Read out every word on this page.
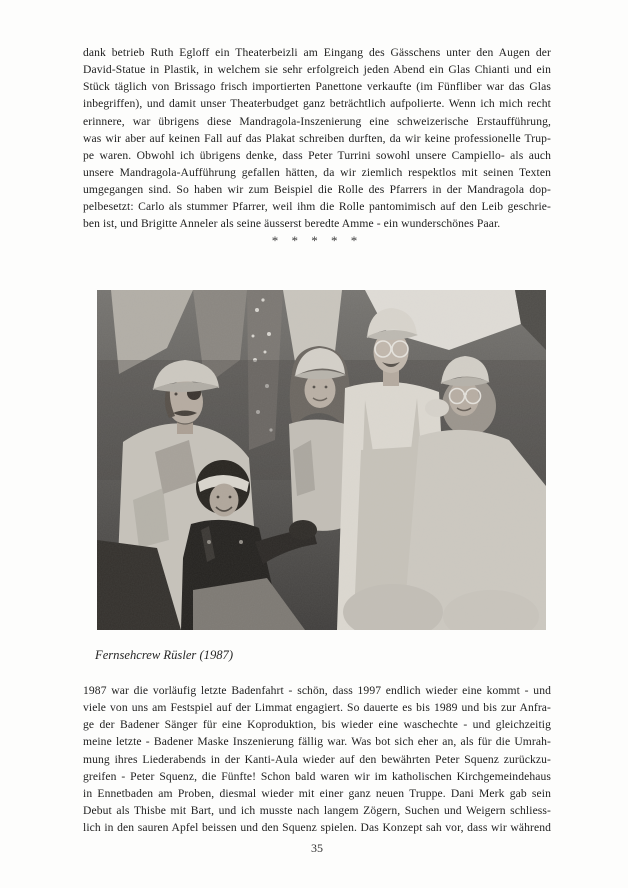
dank betrieb Ruth Egloff ein Theaterbeizli am Eingang des Gässchens unter den Augen der
David-Statue in Plastik, in welchem sie sehr erfolgreich jeden Abend ein Glas Chianti und ein
Stück täglich von Brissago frisch importierten Panettone verkaufte (im Fünfliber war das Glas
inbegriffen), und damit unser Theaterbudget ganz beträchtlich aufpolierte. Wenn ich mich recht
erinnere, war übrigens diese Mandragola-Inszenierung eine schweizerische Erstaufführung,
was wir aber auf keinen Fall auf das Plakat schreiben durften, da wir keine professionelle Trup-
pe waren. Obwohl ich übrigens denke, dass Peter Turrini sowohl unsere Campiello- als auch
unsere Mandragola-Aufführung gefallen hätten, da wir ziemlich respektlos mit seinen Texten
umgegangen sind. So haben wir zum Beispiel die Rolle des Pfarrers in der Mandragola dop-
pelbesetzt: Carlo als stummer Pfarrer, weil ihm die Rolle pantomimisch auf den Leib geschrie-
ben ist, und Brigitte Anneler als seine äusserst beredte Amme - ein wunderschönes Paar.
* * * * *
Fernsehcrew Rüsler (1987)
1987 war die vorläufig letzte Badenfahrt - schön, dass 1997 endlich wieder eine kommt - und
viele von uns am Festspiel auf der Limmat engagiert. So dauerte es bis 1989 und bis zur Anfra-
ge der Badener Sänger für eine Koproduktion, bis wieder eine waschechte - und gleichzeitig
meine letzte - Badener Maske Inszenierung fällig war. Was bot sich eher an, als für die Umrah-
mung ihres Liederabends in der Kanti-Aula wieder auf den bewährten Peter Squenz zurückzu-
greifen - Peter Squenz, die Fünfte! Schon bald waren wir im katholischen Kirchgemeindehaus
in Ennetbaden am Proben, diesmal wieder mit einer ganz neuen Truppe. Dani Merk gab sein
Debut als Thisbe mit Bart, und ich musste nach langem Zögern, Suchen und Weigern schliess-
lich in den sauren Apfel beissen und den Squenz spielen. Das Konzept sah vor, dass wir während
35
